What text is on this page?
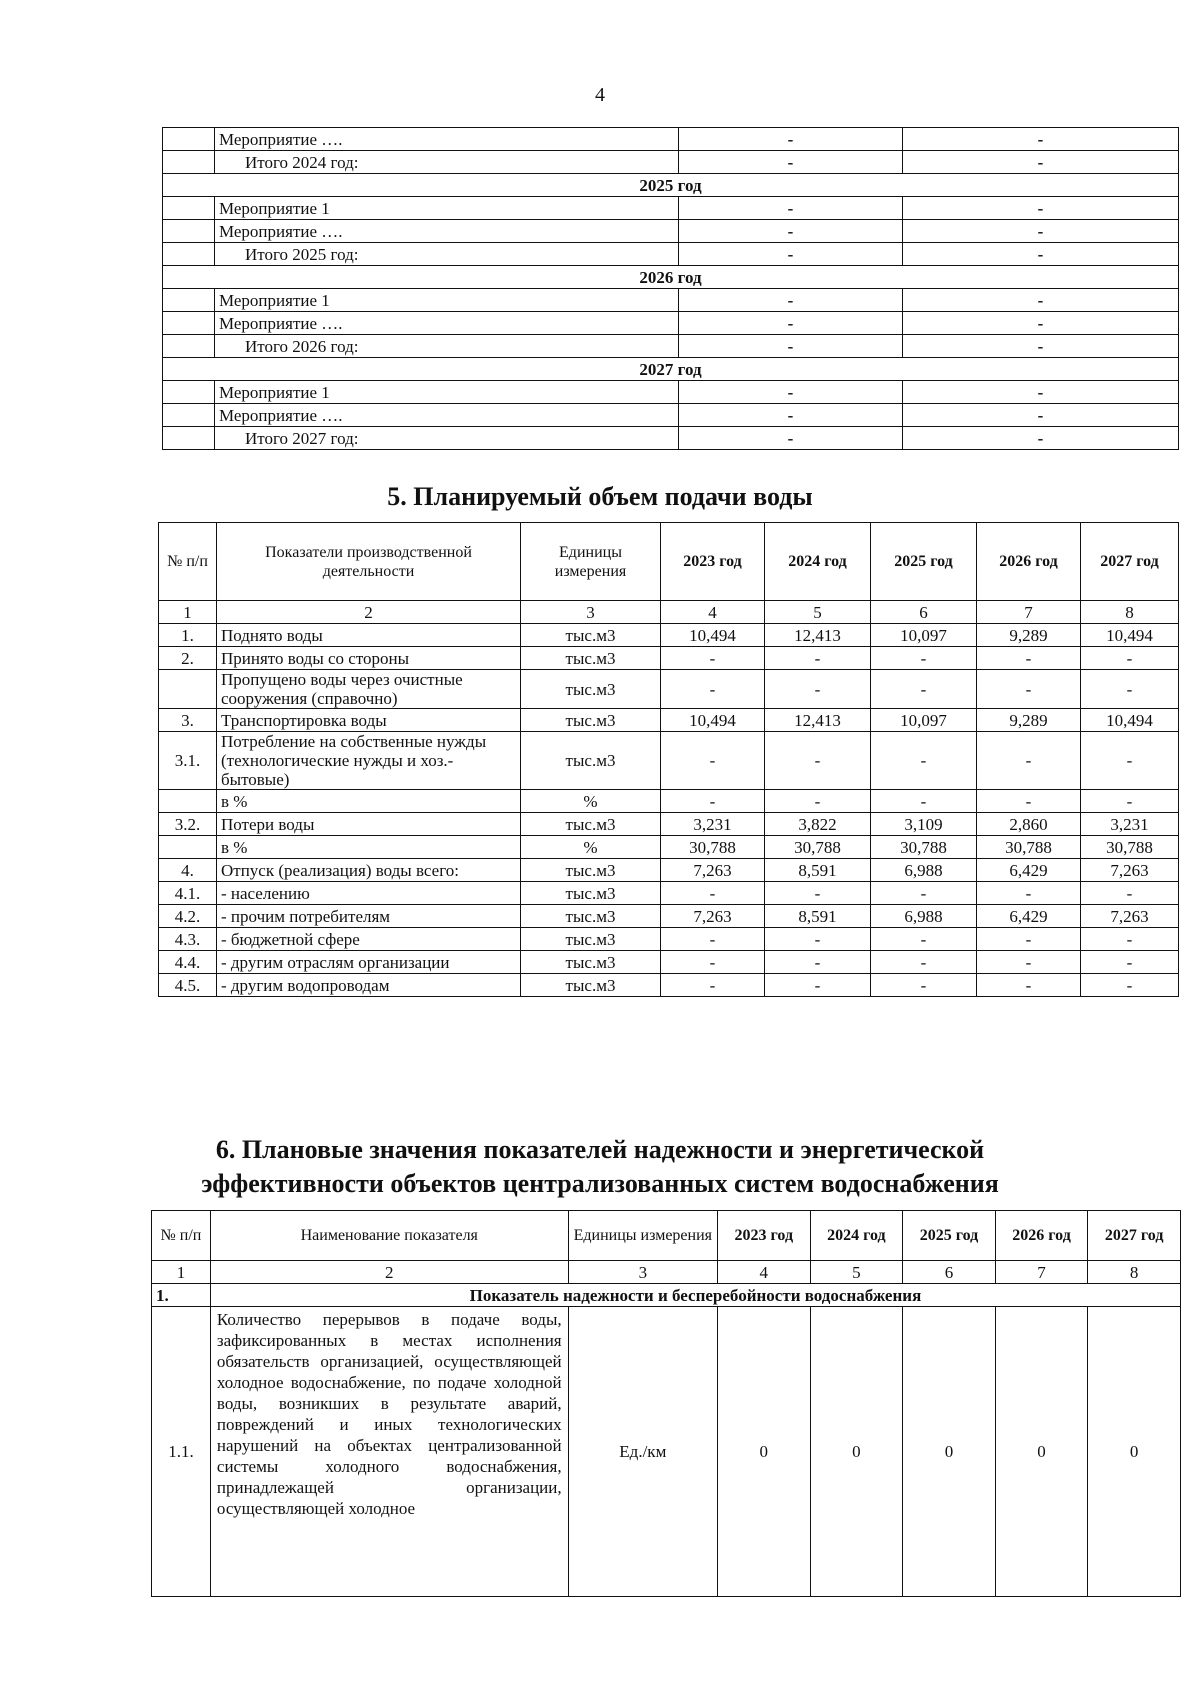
4
	Мероприятие ….	-	-
	Итого 2024 год:	-	-
2025 год			
	Мероприятие 1	-	-
	Мероприятие ….	-	-
	Итого 2025 год:	-	-
2026 год			
	Мероприятие 1	-	-
	Мероприятие ….	-	-
	Итого 2026 год:	-	-
2027 год			
	Мероприятие 1	-	-
	Мероприятие ….	-	-
	Итого 2027 год:	-	-
5. Планируемый объем подачи воды
№ п/п	Показатели производственной деятельности	Единицы измерения	2023 год	2024 год	2025 год	2026 год	2027 год
1	2	3	4	5	6	7	8
1.	Поднято воды	тыс.м3	10,494	12,413	10,097	9,289	10,494
2.	Принято воды со стороны	тыс.м3	-	-	-	-	-
	Пропущено воды через очистные сооружения (справочно)	тыс.м3	-	-	-	-	-
3.	Транспортировка воды	тыс.м3	10,494	12,413	10,097	9,289	10,494
3.1.	Потребление на собственные нужды (технологические нужды и хоз.-бытовые)	тыс.м3	-	-	-	-	-
	в %	%	-	-	-	-	-
3.2.	Потери воды	тыс.м3	3,231	3,822	3,109	2,860	3,231
	в %	%	30,788	30,788	30,788	30,788	30,788
4.	Отпуск (реализация) воды всего:	тыс.м3	7,263	8,591	6,988	6,429	7,263
4.1.	- населению	тыс.м3	-	-	-	-	-
4.2.	- прочим потребителям	тыс.м3	7,263	8,591	6,988	6,429	7,263
4.3.	- бюджетной сфере	тыс.м3	-	-	-	-	-
4.4.	- другим отраслям организации	тыс.м3	-	-	-	-	-
4.5.	- другим водопроводам	тыс.м3	-	-	-	-	-
6. Плановые значения показателей надежности и энергетической
эффективности объектов централизованных систем водоснабжения
№ п/п	Наименование показателя	Единицы измерения	2023 год	2024 год	2025 год	2026 год	2027 год
1	2	3	4	5	6	7	8
1.	Показатель надежности и бесперебойности водоснабжения						
1.1.	Количество перерывов в подаче воды, зафиксированных в местах исполнения обязательств организацией, осуществляющей холодное водоснабжение, по подаче холодной воды, возникших в результате аварий, повреждений и иных технологических нарушений на объектах централизованной системы холодного водоснабжения, принадлежащей организации, осуществляющей холодное	Ед./км	0	0	0	0	0
